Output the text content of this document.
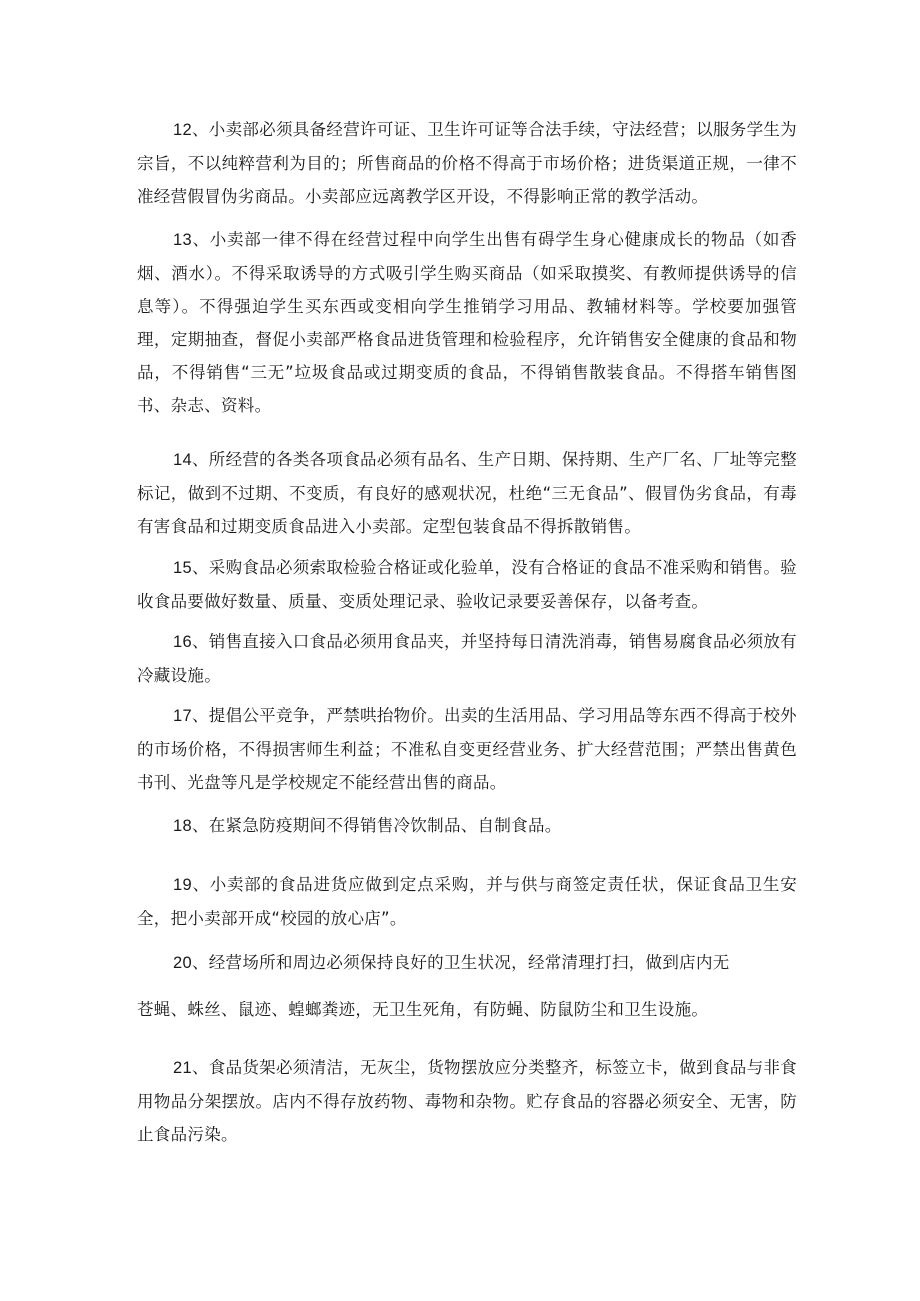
12、小卖部必须具备经营许可证、卫生许可证等合法手续，守法经营；以服务学生为宗旨，不以纯粹营利为目的；所售商品的价格不得高于市场价格；进货渠道正规，一律不准经营假冒伪劣商品。小卖部应远离教学区开设，不得影响正常的教学活动。

13、小卖部一律不得在经营过程中向学生出售有碍学生身心健康成长的物品（如香烟、酒水）。不得采取诱导的方式吸引学生购买商品（如采取摸奖、有教师提供诱导的信息等）。不得强迫学生买东西或变相向学生推销学习用品、教辅材料等。学校要加强管理，定期抽查，督促小卖部严格食品进货管理和检验程序，允许销售安全健康的食品和物品，不得销售“三无”垃圾食品或过期变质的食品，不得销售散装食品。不得搭车销售图书、杂志、资料。

14、所经营的各类各项食品必须有品名、生产日期、保持期、生产厂名、厂址等完整标记，做到不过期、不变质，有良好的感观状况，杜绝“三无食品”、假冒伪劣食品，有毒有害食品和过期变质食品进入小卖部。定型包装食品不得拆散销售。

15、采购食品必须索取检验合格证或化验单，没有合格证的食品不准采购和销售。验收食品要做好数量、质量、变质处理记录、验收记录要妥善保存，以备考查。

16、销售直接入口食品必须用食品夹，并坚持每日清洗消毒，销售易腐食品必须放有冷藏设施。

17、提倡公平竞争，严禁哄抬物价。出卖的生活用品、学习用品等东西不得高于校外的市场价格，不得损害师生利益；不准私自变更经营业务、扩大经营范围；严禁出售黄色书刊、光盘等凡是学校规定不能经营出售的商品。

18、在紧急防疫期间不得销售冷饮制品、自制食品。

19、小卖部的食品进货应做到定点采购，并与供与商签定责任状，保证食品卫生安全，把小卖部开成“校园的放心店”。

20、经营场所和周边必须保持良好的卫生状况，经常清理打扫，做到店内无

苍蝇、蛛丝、鼠迹、蝗螂粪迹，无卫生死角，有防蝇、防鼠防尘和卫生设施。

21、食品货架必须清洁，无灰尘，货物摆放应分类整齐，标签立卡，做到食品与非食用物品分架摆放。店内不得存放药物、毒物和杂物。贮存食品的容器必须安全、无害，防止食品污染。
